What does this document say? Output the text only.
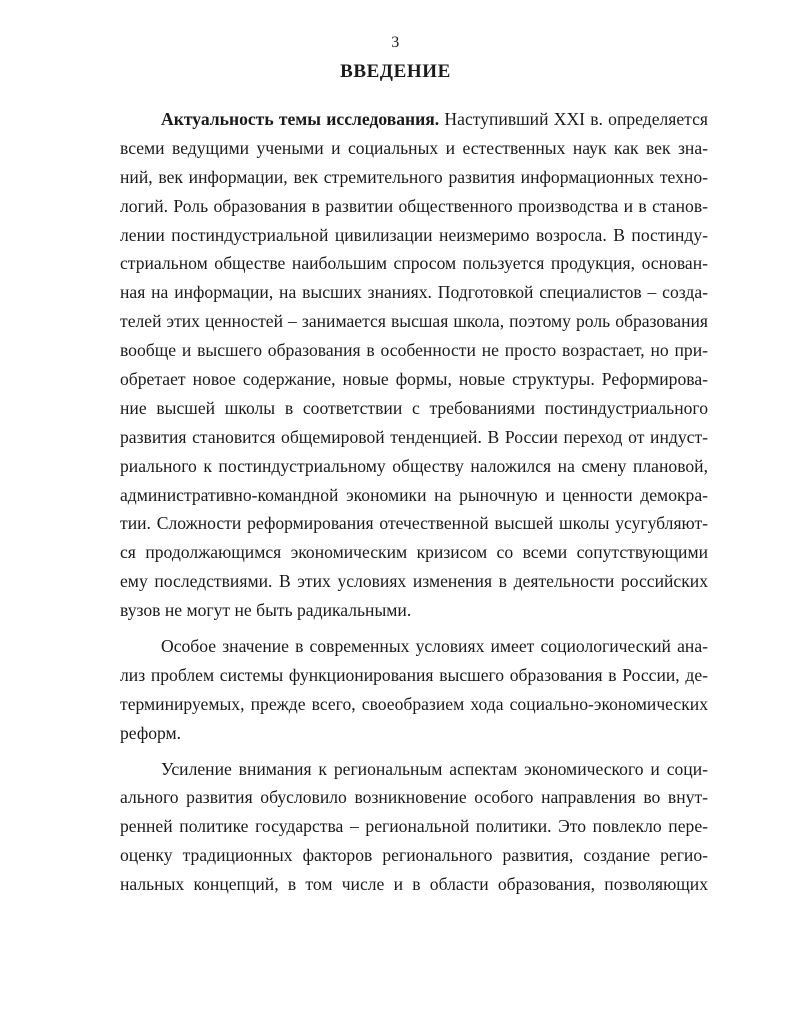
3
ВВЕДЕНИЕ
Актуальность темы исследования. Наступивший XXI в. определяется
всеми ведущими учеными и социальных и естественных наук как век зна-
ний, век информации, век стремительного развития информационных техно-
логий. Роль образования в развитии общественного производства и в станов-
лении постиндустриальной цивилизации неизмеримо возросла. В постинду-
стриальном обществе наибольшим спросом пользуется продукция, основан-
ная на информации, на высших знаниях. Подготовкой специалистов – созда-
телей этих ценностей – занимается высшая школа, поэтому роль образования
вообще и высшего образования в особенности не просто возрастает, но при-
обретает новое содержание, новые формы, новые структуры. Реформирова-
ние высшей школы в соответствии с требованиями постиндустриального
развития становится общемировой тенденцией. В России переход от индуст-
риального к постиндустриальному обществу наложился на смену плановой,
административно-командной экономики на рыночную и ценности демокра-
тии. Сложности реформирования отечественной высшей школы усугубляют-
ся продолжающимся экономическим кризисом со всеми сопутствующими
ему последствиями. В этих условиях изменения в деятельности российских
вузов не могут не быть радикальными.
Особое значение в современных условиях имеет социологический ана-
лиз проблем системы функционирования высшего образования в России, де-
терминируемых, прежде всего, своеобразием хода социально-экономических
реформ.
Усиление внимания к региональным аспектам экономического и соци-
ального развития обусловило возникновение особого направления во внут-
ренней политике государства – региональной политики. Это повлекло пере-
оценку традиционных факторов регионального развития, создание регио-
нальных концепций, в том числе и в области образования, позволяющих
